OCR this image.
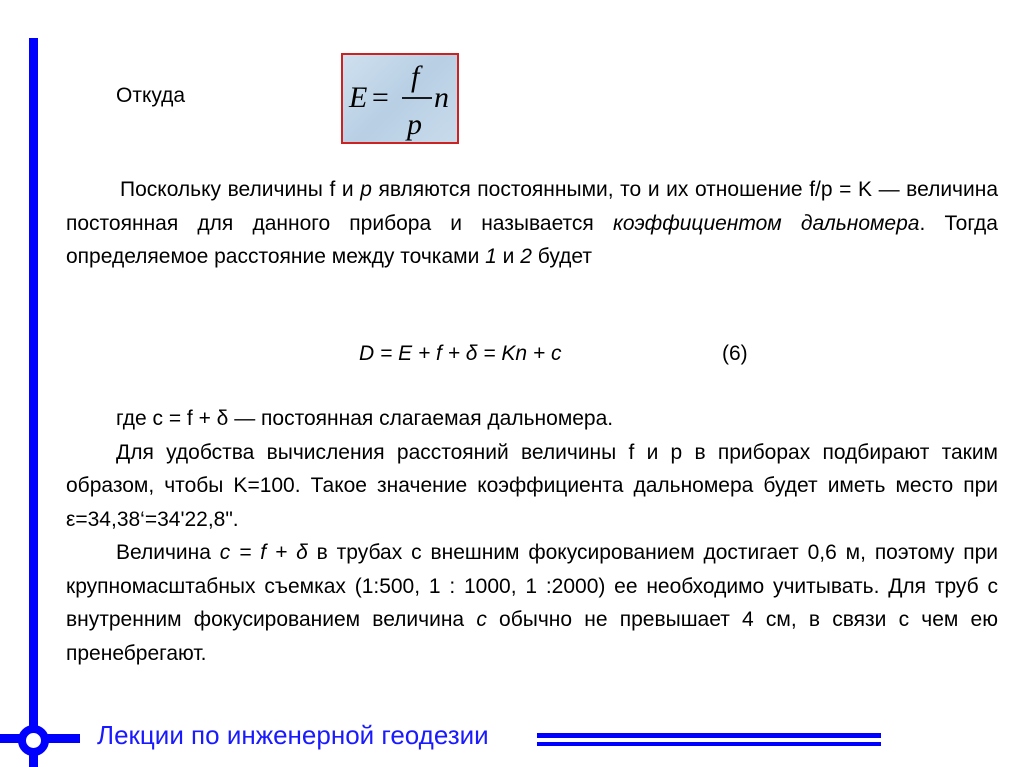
Откуда	E =
f
p
n
Поскольку величины f и p являются постоянными, то и их отношение f/p = K — величина постоянная для данного прибора и называется коэффициентом дальномера. Тогда определяемое расстояние между точками 1 и 2 будет
D = E + f + δ = Kn + c	(6)
где с = f + δ — постоянная слагаемая дальномера.
Для удобства вычисления расстояний величины f и p в приборах подбирают таким образом, чтобы K=100. Такое значение коэффициента дальномера будет иметь место при ε=34,38‘=34'22,8".
Величина c = f + δ в трубах с внешним фокусированием достигает 0,6 м, поэтому при крупномасштабных съемках (1:500, 1 : 1000, 1 :2000) ее необходимо учитывать. Для труб с внутренним фокусированием величина с обычно не превышает 4 см, в связи с чем ею пренебрегают.
Лекции по инженерной геодезии
